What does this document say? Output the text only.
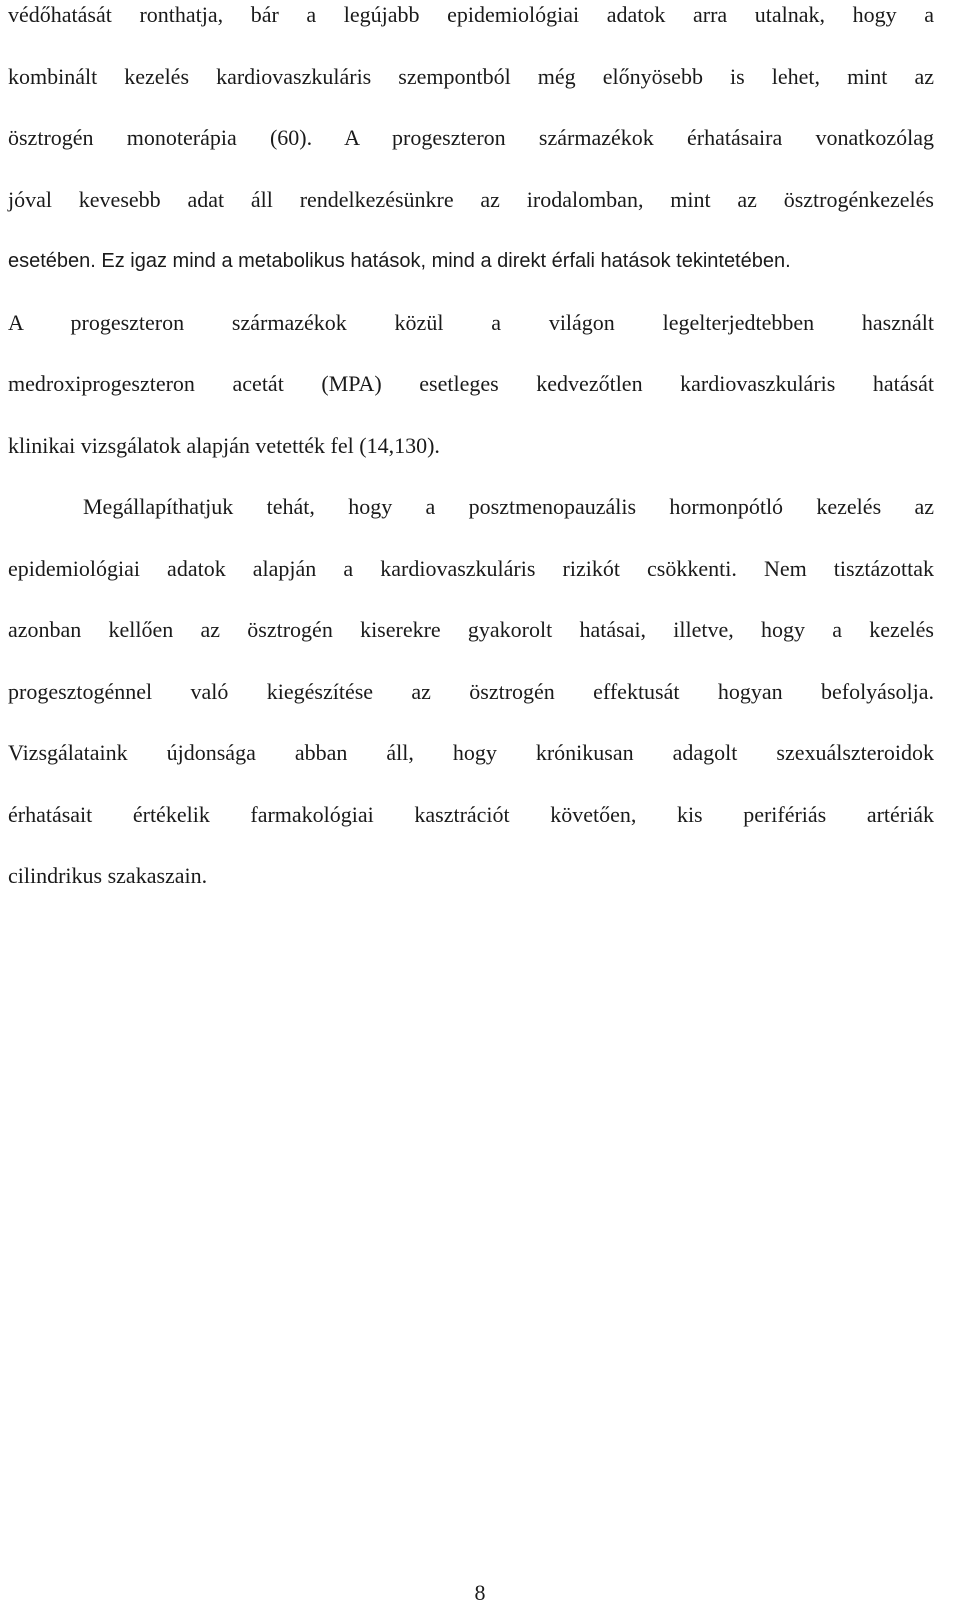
védőhatását ronthatja, bár a legújabb epidemiológiai adatok arra utalnak, hogy a
kombinált kezelés kardiovaszkuláris szempontból még előnyösebb is lehet, mint az
ösztrogén monoterápia (60). A progeszteron származékok érhatásaira vonatkozólag
jóval kevesebb adat áll rendelkezésünkre az irodalomban, mint az ösztrogénkezelés
esetében. Ez igaz mind a metabolikus hatások, mind a direkt érfali hatások tekintetében.
A progeszteron származékok közül a világon legelterjedtebben használt
medroxiprogeszteron acetát (MPA) esetleges kedvezőtlen kardiovaszkuláris hatását
klinikai vizsgálatok alapján vetették fel (14,130).
Megállapíthatjuk tehát, hogy a posztmenopauzális hormonpótló kezelés az
epidemiológiai adatok alapján a kardiovaszkuláris rizikót csökkenti. Nem tisztázottak
azonban kellően az ösztrogén kiserekre gyakorolt hatásai, illetve, hogy a kezelés
progesztogénnel való kiegészítése az ösztrogén effektusát hogyan befolyásolja.
Vizsgálataink újdonsága abban áll, hogy krónikusan adagolt szexuálszteroidok
érhatásait értékelik farmakológiai kasztrációt követően, kis perifériás artériák
cilindrikus szakaszain.
8
